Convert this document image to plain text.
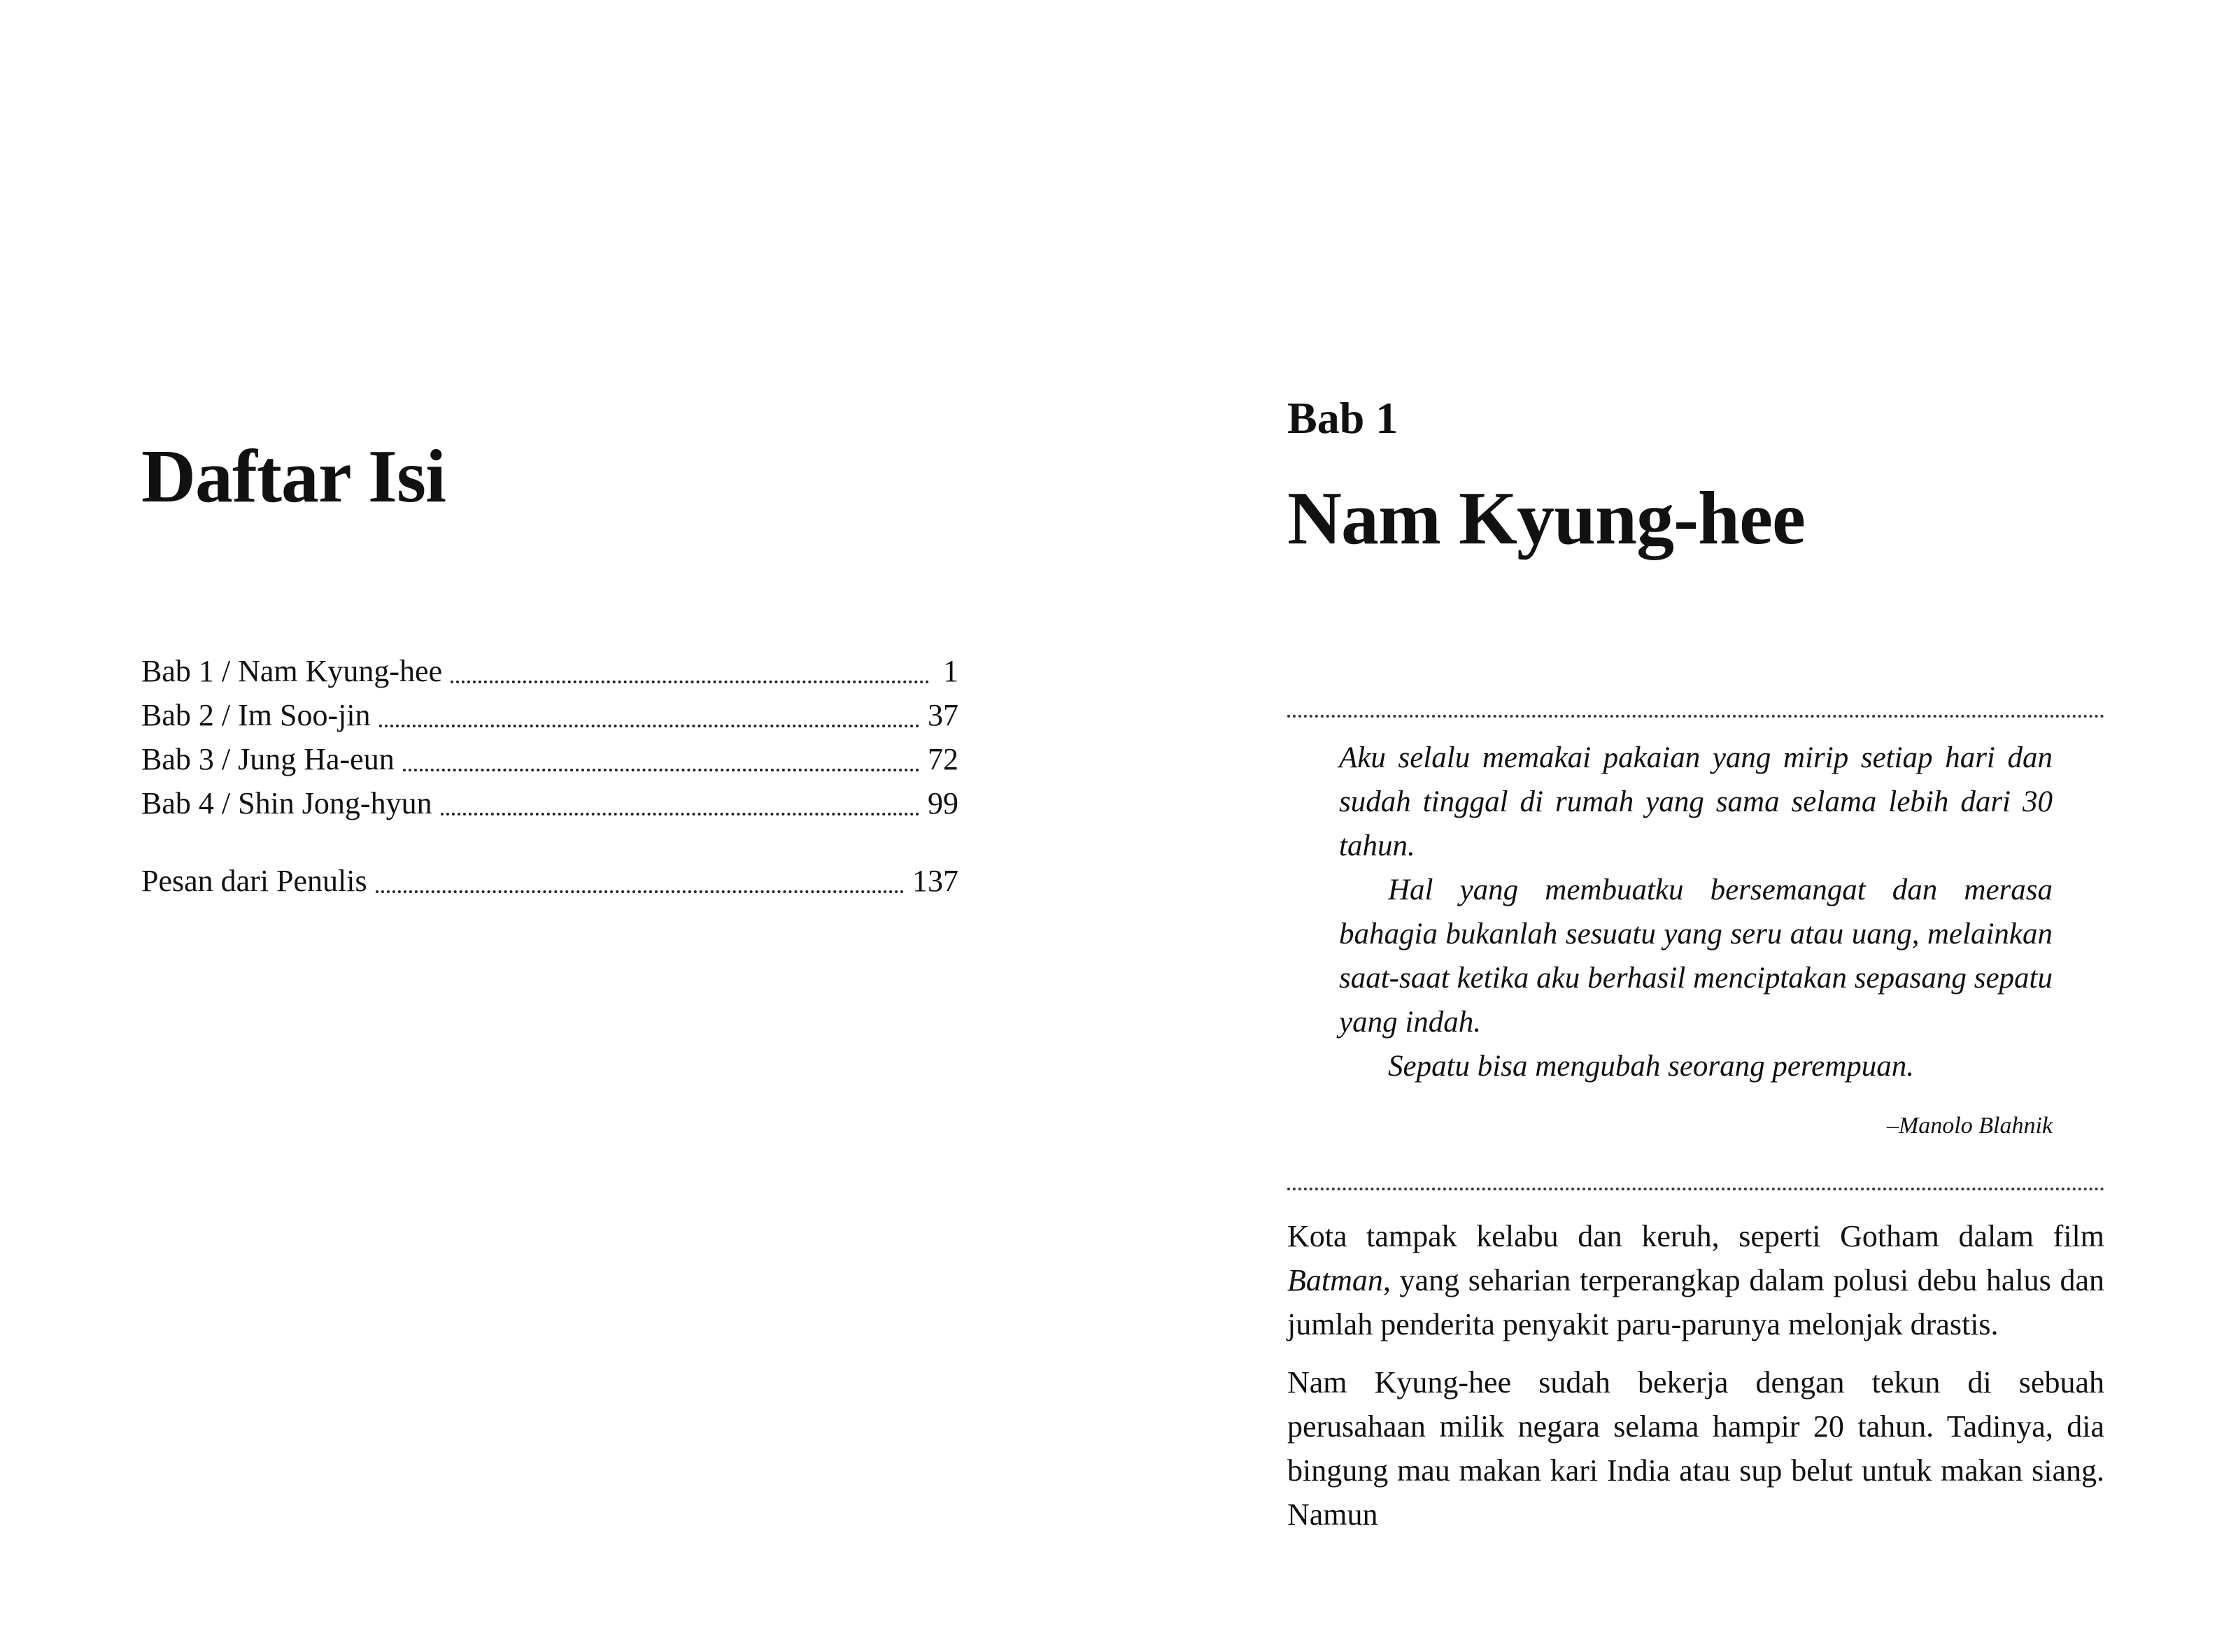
Daftar Isi
Bab 1 / Nam Kyung-hee	1
Bab 2 / Im Soo-jin	37
Bab 3 / Jung Ha-eun	72
Bab 4 / Shin Jong-hyun	99
Pesan dari Penulis	137
Bab 1
Nam Kyung-hee

Aku selalu memakai pakaian yang mirip setiap hari dan sudah tinggal di rumah yang sama selama lebih dari 30 tahun.

Hal yang membuatku bersemangat dan merasa bahagia bukanlah sesuatu yang seru atau uang, melainkan saat-saat ketika aku berhasil menciptakan sepasang sepatu yang indah.

Sepatu bisa mengubah seorang perempuan.

–Manolo Blahnik

Kota tampak kelabu dan keruh, seperti Gotham dalam film Batman, yang seharian terperangkap dalam polusi debu halus dan jumlah penderita penyakit paru-parunya melonjak drastis.

Nam Kyung-hee sudah bekerja dengan tekun di sebuah perusahaan milik negara selama hampir 20 tahun. Tadinya, dia bingung mau makan kari India atau sup belut untuk makan siang. Namun
